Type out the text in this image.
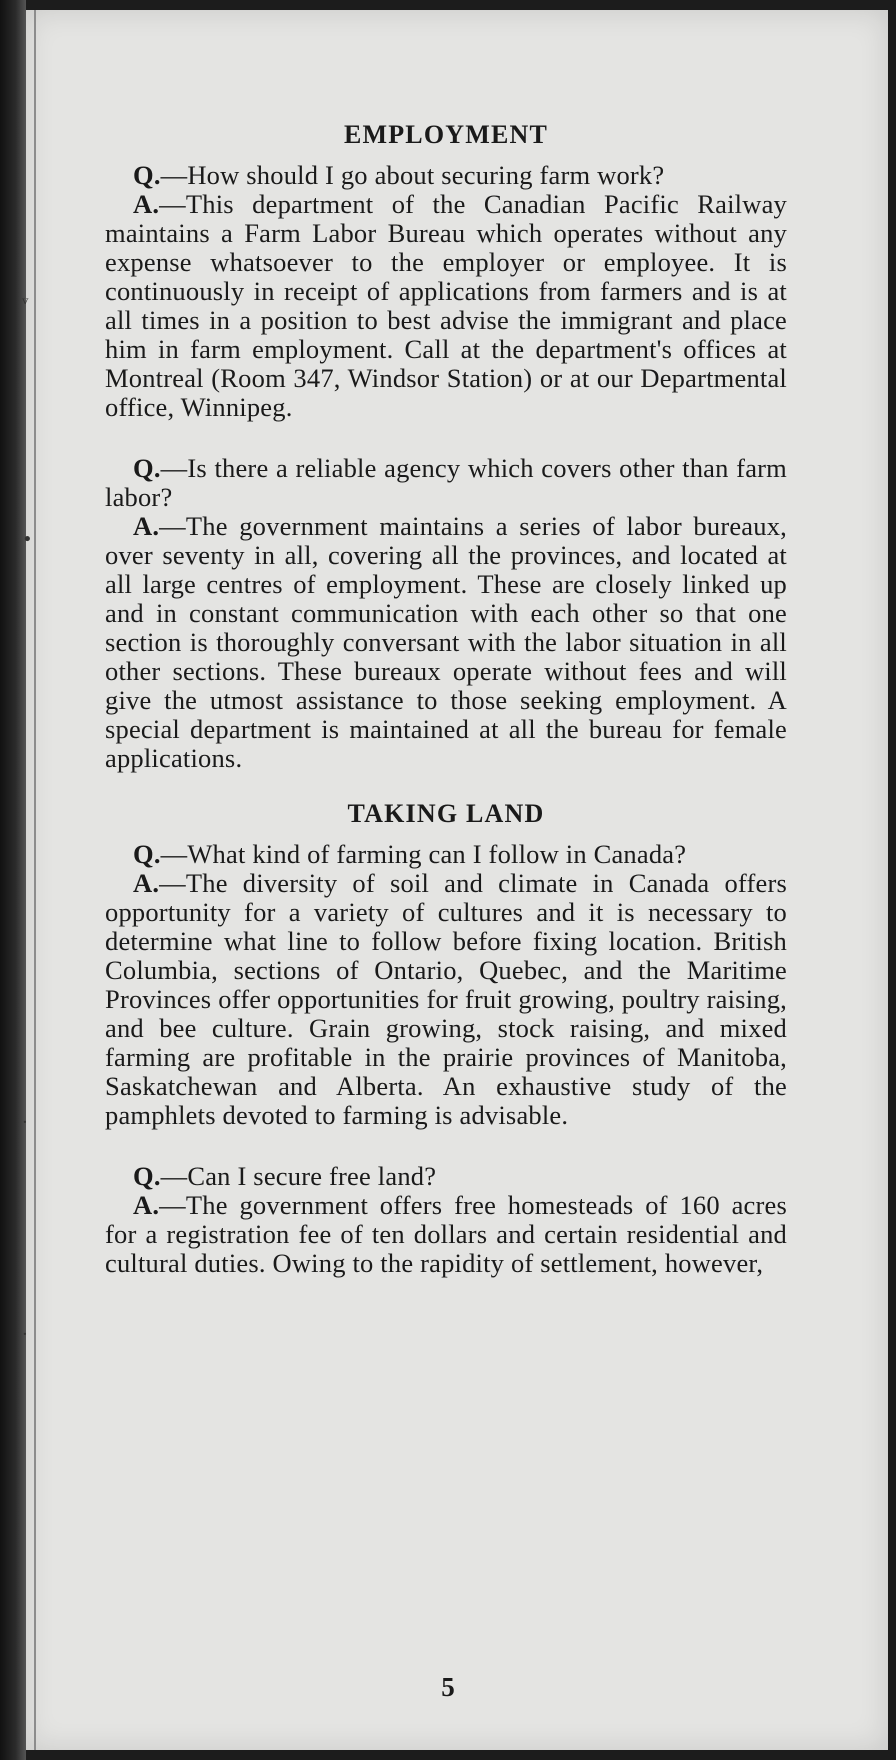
ᵛ
•
·
·
EMPLOYMENT

Q.—How should I go about securing farm work?

A.—This department of the Canadian Pacific Railway maintains a Farm Labor Bureau which operates without any expense whatsoever to the employer or employee. It is continuously in receipt of applications from farmers and is at all times in a position to best advise the immigrant and place him in farm employment. Call at the department's offices at Montreal (Room 347, Windsor Station) or at our Departmental office, Winnipeg.

Q.—Is there a reliable agency which covers other than farm labor?

A.—The government maintains a series of labor bureaux, over seventy in all, covering all the provinces, and located at all large centres of employment. These are closely linked up and in constant communication with each other so that one section is thoroughly conversant with the labor situation in all other sections. These bureaux operate without fees and will give the utmost assistance to those seeking employment. A special department is maintained at all the bureau for female applications.

TAKING LAND

Q.—What kind of farming can I follow in Canada?

A.—The diversity of soil and climate in Canada offers opportunity for a variety of cultures and it is necessary to determine what line to follow before fixing location. British Columbia, sections of Ontario, Quebec, and the Maritime Provinces offer opportunities for fruit growing, poultry raising, and bee culture. Grain growing, stock raising, and mixed farming are profitable in the prairie provinces of Manitoba, Saskatchewan and Alberta. An exhaustive study of the pamphlets devoted to farming is advisable.

Q.—Can I secure free land?

A.—The government offers free homesteads of 160 acres for a registration fee of ten dollars and certain residential and cultural duties. Owing to the rapidity of settlement, however,

5
